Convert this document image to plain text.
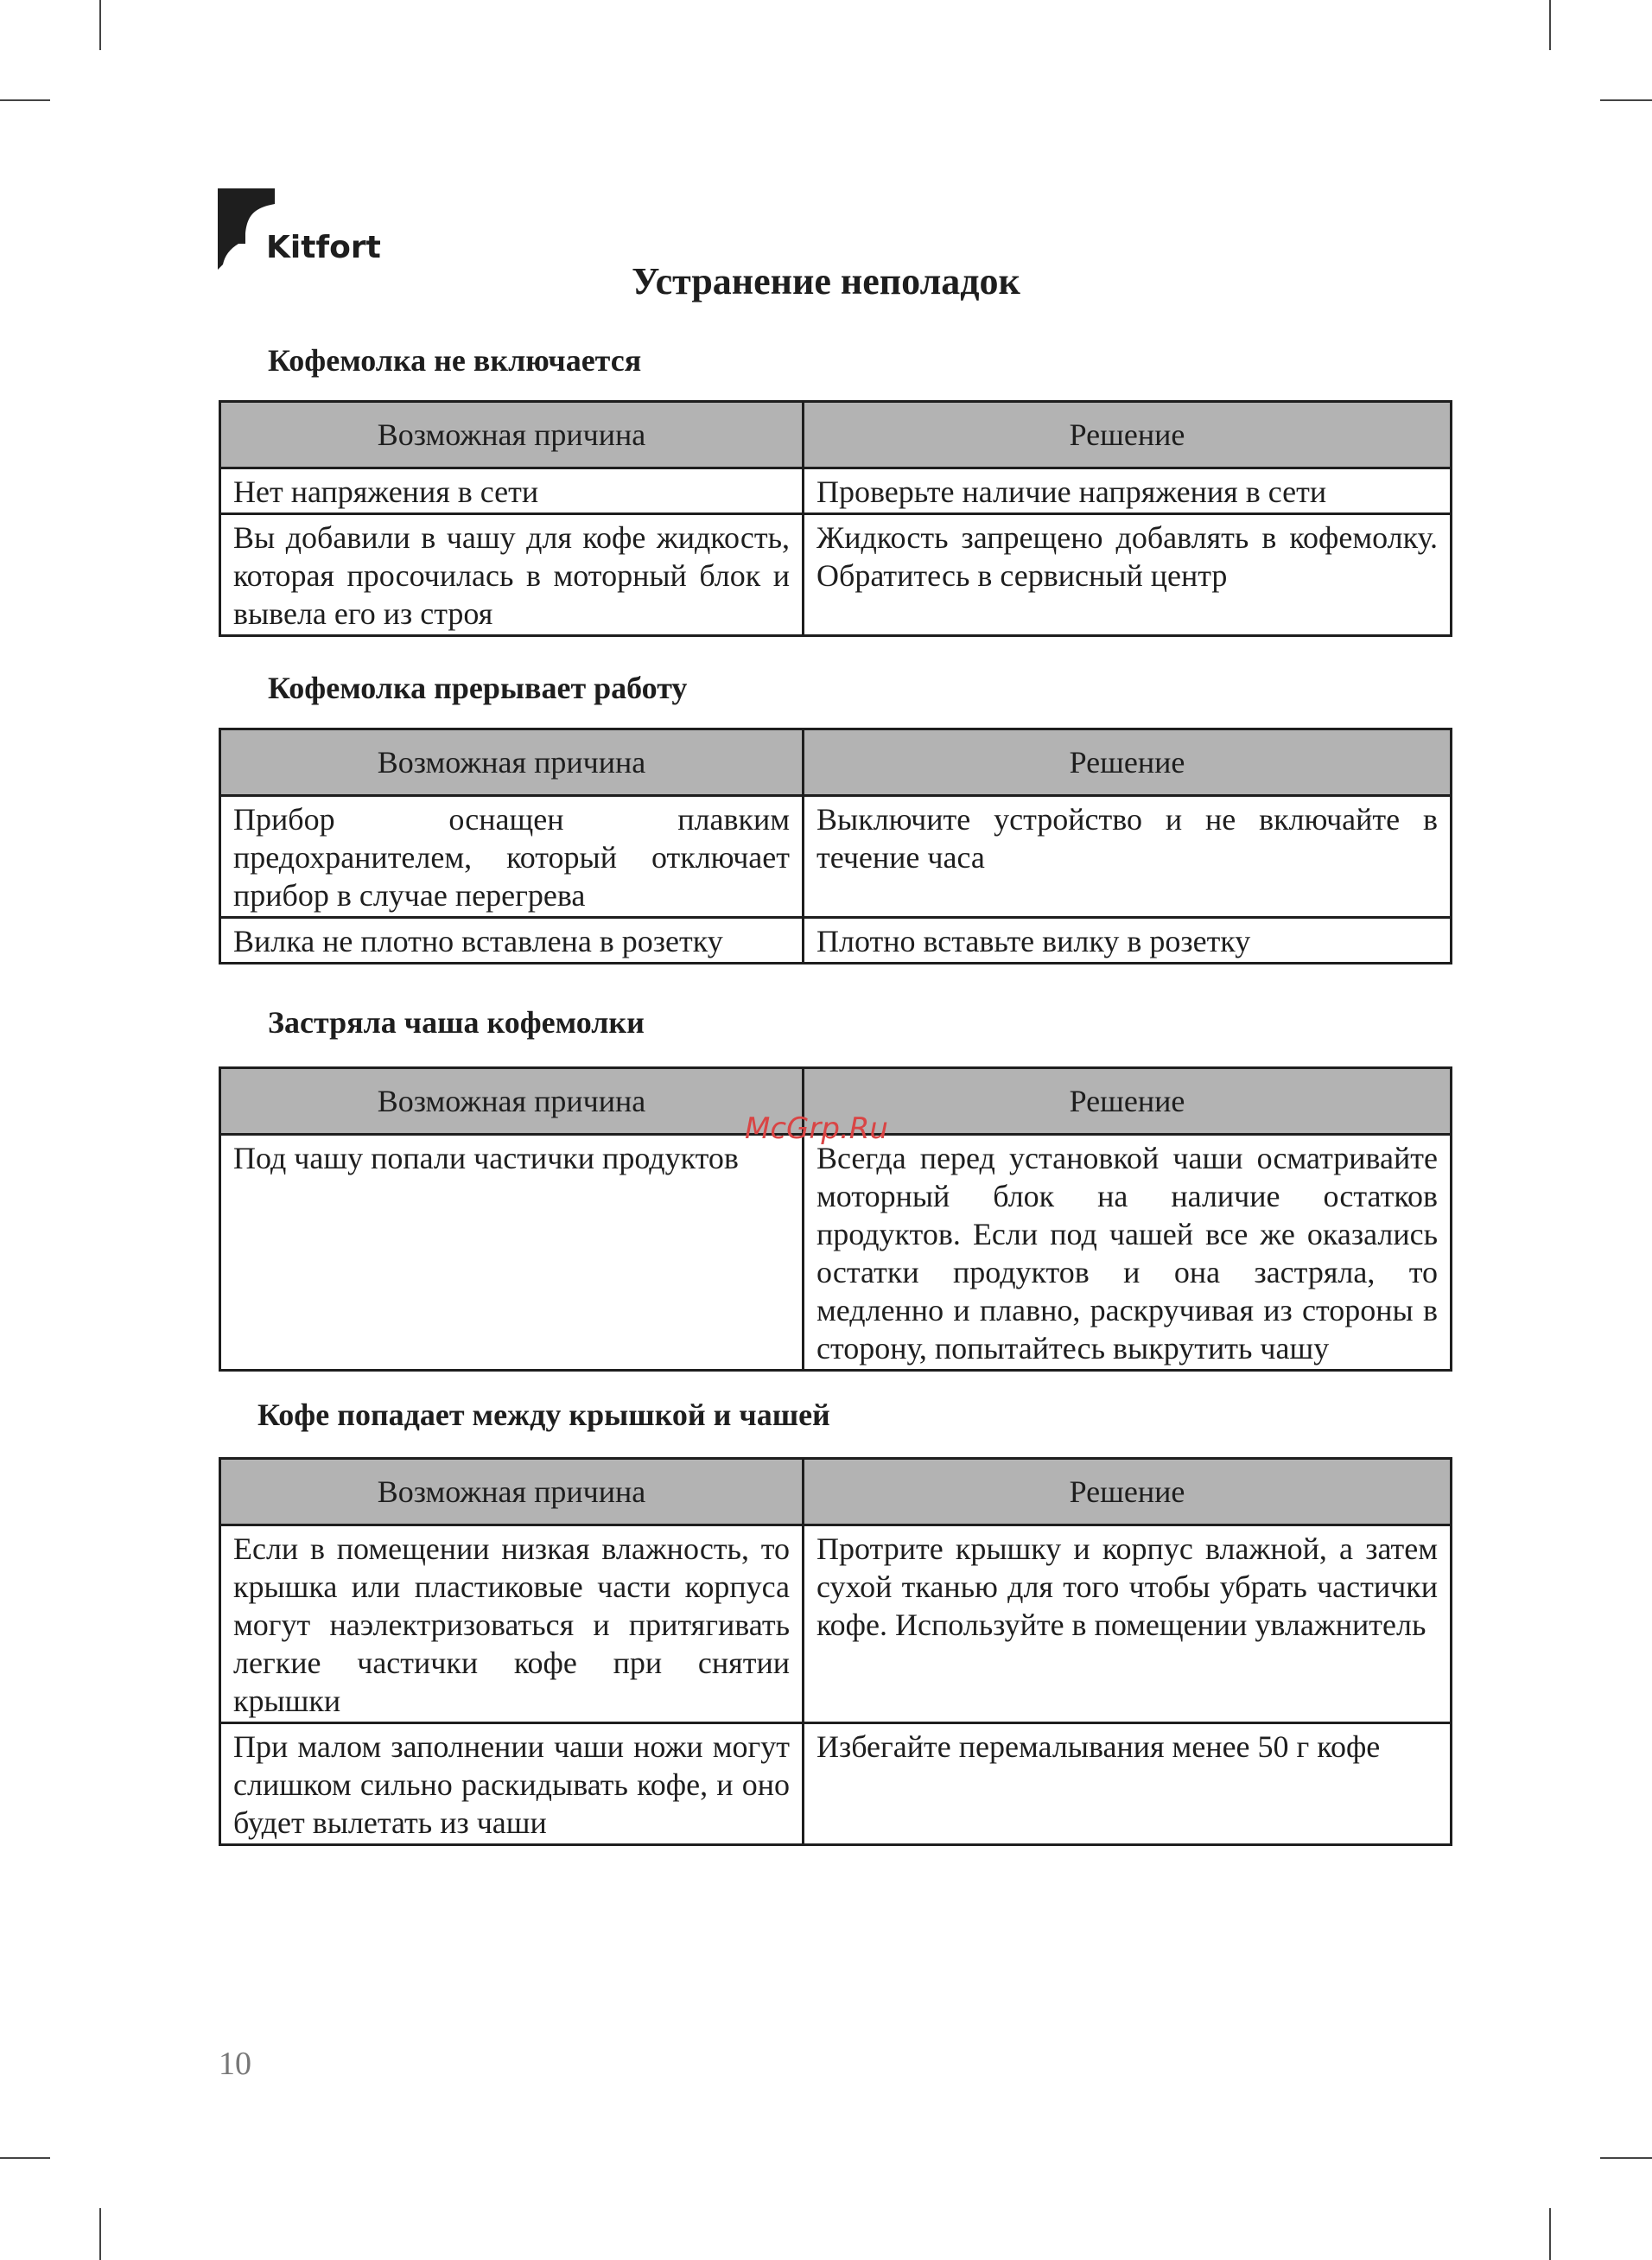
Kitfort
Устранение неполадок
Кофемолка не включается
Возможная причина	Решение
Нет напряжения в сети	Проверьте наличие напряжения в сети
Вы добавили в чашу для кофе жидкость, которая просочилась в моторный блок и вывела его из строя	Жидкость запрещено добавлять в кофемолку. Обратитесь в сервисный центр
Кофемолка прерывает работу
Возможная причина	Решение
Прибор оснащен плавким предохранителем, который отключает прибор в случае перегрева	Выключите устройство и не включайте в течение часа
Вилка не плотно вставлена в розетку	Плотно вставьте вилку в розетку
Застряла чаша кофемолки
Возможная причина	Решение
Под чашу попали частички продуктов	Всегда перед установкой чаши осматривайте моторный блок на наличие остатков продуктов. Если под чашей все же оказались остатки продуктов и она застряла, то медленно и плавно, раскручивая из стороны в сторону, попытайтесь выкрутить чашу
Кофе попадает между крышкой и чашей
Возможная причина	Решение
Если в помещении низкая влажность, то крышка или пластиковые части корпуса могут наэлектризоваться и притягивать легкие частички кофе при снятии крышки	Протрите крышку и корпус влажной, а затем сухой тканью для того чтобы убрать частички кофе. Используйте в помещении увлажнитель
При малом заполнении чаши ножи могут слишком сильно раскидывать кофе, и оно будет вылетать из чаши	Избегайте перемалывания менее 50 г кофе
McGrp.Ru
10
